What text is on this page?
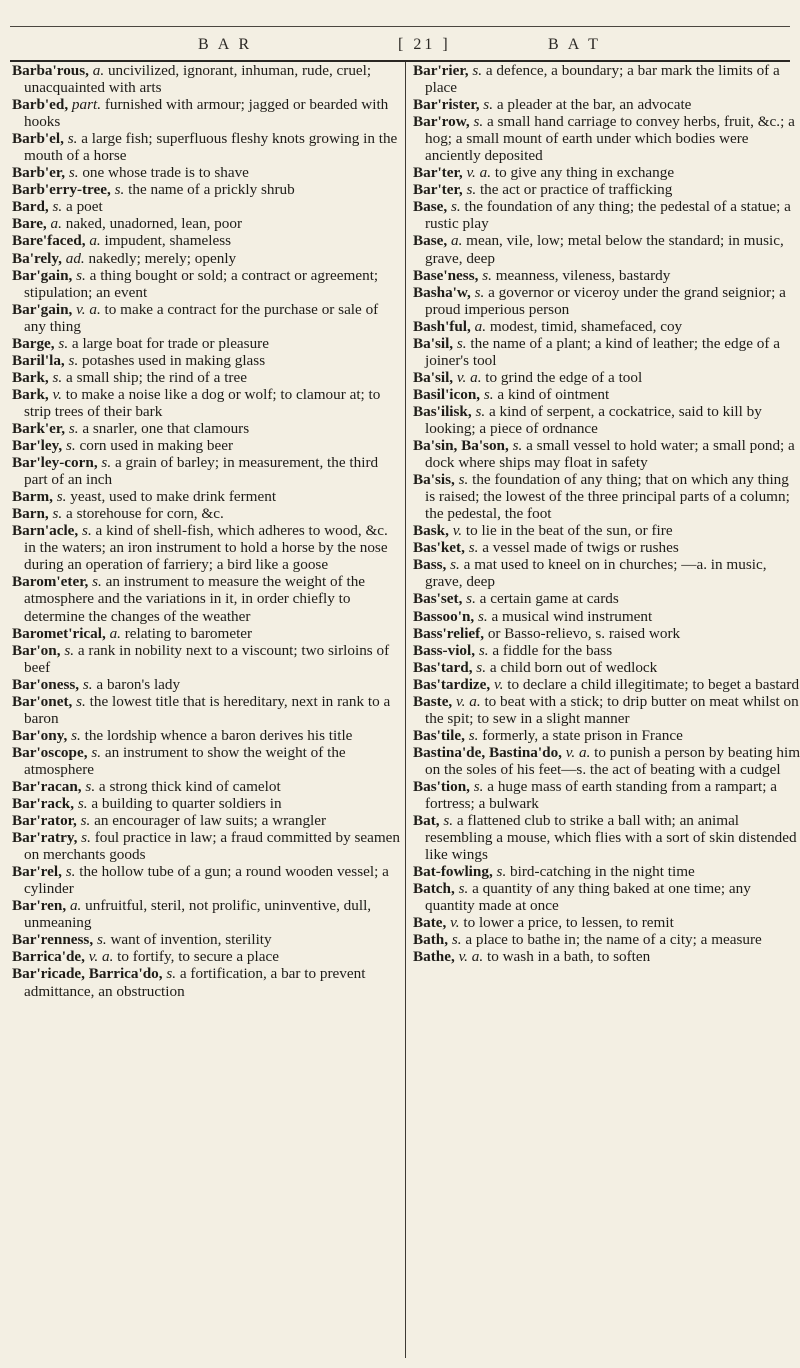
B A R	[ 21 ]	B A T

Barba'rous, a. uncivilized, ignorant, inhuman, rude, cruel; unacquainted with arts

Barb'ed, part. furnished with armour; jagged or bearded with hooks

Barb'el, s. a large fish; superfluous fleshy knots growing in the mouth of a horse

Barb'er, s. one whose trade is to shave

Barb'erry-tree, s. the name of a prickly shrub

Bard, s. a poet

Bare, a. naked, unadorned, lean, poor

Bare'faced, a. impudent, shameless

Ba'rely, ad. nakedly; merely; openly

Bar'gain, s. a thing bought or sold; a contract or agreement; stipulation; an event

Bar'gain, v. a. to make a contract for the purchase or sale of any thing

Barge, s. a large boat for trade or pleasure

Baril'la, s. potashes used in making glass

Bark, s. a small ship; the rind of a tree

Bark, v. to make a noise like a dog or wolf; to clamour at; to strip trees of their bark

Bark'er, s. a snarler, one that clamours

Bar'ley, s. corn used in making beer

Bar'ley-corn, s. a grain of barley; in measurement, the third part of an inch

Barm, s. yeast, used to make drink ferment

Barn, s. a storehouse for corn, &c.

Barn'acle, s. a kind of shell-fish, which adheres to wood, &c. in the waters; an iron instrument to hold a horse by the nose during an operation of farriery; a bird like a goose

Barom'eter, s. an instrument to measure the weight of the atmosphere and the variations in it, in order chiefly to determine the changes of the weather

Baromet'rical, a. relating to barometer

Bar'on, s. a rank in nobility next to a viscount; two sirloins of beef

Bar'oness, s. a baron's lady

Bar'onet, s. the lowest title that is hereditary, next in rank to a baron

Bar'ony, s. the lordship whence a baron derives his title

Bar'oscope, s. an instrument to show the weight of the atmosphere

Bar'racan, s. a strong thick kind of camelot

Bar'rack, s. a building to quarter soldiers in

Bar'rator, s. an encourager of law suits; a wrangler

Bar'ratry, s. foul practice in law; a fraud committed by seamen on merchants goods

Bar'rel, s. the hollow tube of a gun; a round wooden vessel; a cylinder

Bar'ren, a. unfruitful, steril, not prolific, uninventive, dull, unmeaning

Bar'renness, s. want of invention, sterility

Barrica'de, v. a. to fortify, to secure a place

Bar'ricade, Barrica'do, s. a fortification, a bar to prevent admittance, an obstruction

Bar'rier, s. a defence, a boundary; a bar mark the limits of a place

Bar'rister, s. a pleader at the bar, an advocate

Bar'row, s. a small hand carriage to convey herbs, fruit, &c.; a hog; a small mount of earth under which bodies were anciently deposited

Bar'ter, v. a. to give any thing in exchange

Bar'ter, s. the act or practice of trafficking

Base, s. the foundation of any thing; the pedestal of a statue; a rustic play

Base, a. mean, vile, low; metal below the standard; in music, grave, deep

Base'ness, s. meanness, vileness, bastardy

Basha'w, s. a governor or viceroy under the grand seignior; a proud imperious person

Bash'ful, a. modest, timid, shamefaced, coy

Ba'sil, s. the name of a plant; a kind of leather; the edge of a joiner's tool

Ba'sil, v. a. to grind the edge of a tool

Basil'icon, s. a kind of ointment

Bas'ilisk, s. a kind of serpent, a cockatrice, said to kill by looking; a piece of ordnance

Ba'sin, Ba'son, s. a small vessel to hold water; a small pond; a dock where ships may float in safety

Ba'sis, s. the foundation of any thing; that on which any thing is raised; the lowest of the three principal parts of a column; the pedestal, the foot

Bask, v. to lie in the beat of the sun, or fire

Bas'ket, s. a vessel made of twigs or rushes

Bass, s. a mat used to kneel on in churches; —a. in music, grave, deep

Bas'set, s. a certain game at cards

Bassoo'n, s. a musical wind instrument

Bass'relief, or Basso-relievo, s. raised work

Bass-viol, s. a fiddle for the bass

Bas'tard, s. a child born out of wedlock

Bas'tardize, v. to declare a child illegitimate; to beget a bastard

Baste, v. a. to beat with a stick; to drip butter on meat whilst on the spit; to sew in a slight manner

Bas'tile, s. formerly, a state prison in France

Bastina'de, Bastina'do, v. a. to punish a person by beating him on the soles of his feet—s. the act of beating with a cudgel

Bas'tion, s. a huge mass of earth standing from a rampart; a fortress; a bulwark

Bat, s. a flattened club to strike a ball with; an animal resembling a mouse, which flies with a sort of skin distended like wings

Bat-fowling, s. bird-catching in the night time

Batch, s. a quantity of any thing baked at one time; any quantity made at once

Bate, v. to lower a price, to lessen, to remit

Bath, s. a place to bathe in; the name of a city; a measure

Bathe, v. a. to wash in a bath, to soften
